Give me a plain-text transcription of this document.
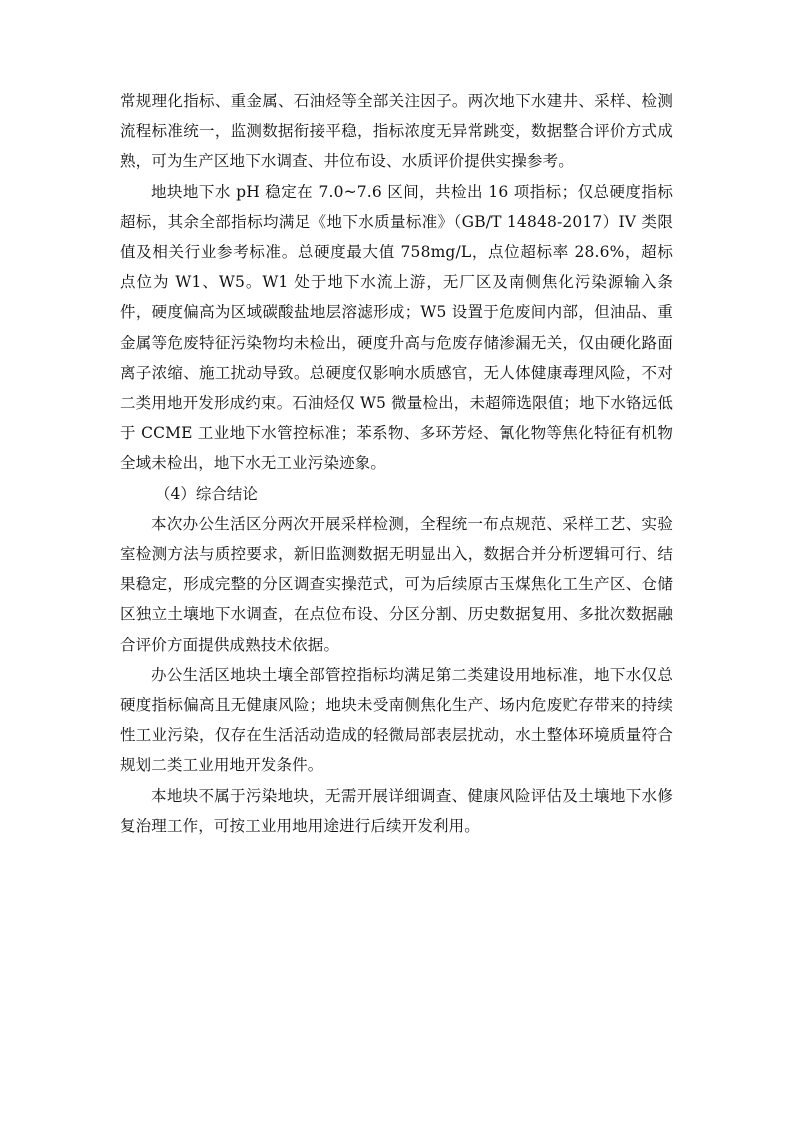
常规理化指标、重金属、石油烃等全部关注因子。两次地下水建井、采样、检测流程标准统一，监测数据衔接平稳，指标浓度无异常跳变，数据整合评价方式成熟，可为生产区地下水调查、井位布设、水质评价提供实操参考。

地块地下水 pH 稳定在 7.0~7.6 区间，共检出 16 项指标；仅总硬度指标超标，其余全部指标均满足《地下水质量标准》（GB/T 14848-2017）IV 类限值及相关行业参考标准。总硬度最大值 758mg/L，点位超标率 28.6%，超标点位为 W1、W5。W1 处于地下水流上游，无厂区及南侧焦化污染源输入条件，硬度偏高为区域碳酸盐地层溶滤形成；W5 设置于危废间内部，但油品、重金属等危废特征污染物均未检出，硬度升高与危废存储渗漏无关，仅由硬化路面离子浓缩、施工扰动导致。总硬度仅影响水质感官，无人体健康毒理风险，不对二类用地开发形成约束。石油烃仅 W5 微量检出，未超筛选限值；地下水铬远低于 CCME 工业地下水管控标准；苯系物、多环芳烃、氰化物等焦化特征有机物全域未检出，地下水无工业污染迹象。

（4）综合结论

本次办公生活区分两次开展采样检测，全程统一布点规范、采样工艺、实验室检测方法与质控要求，新旧监测数据无明显出入，数据合并分析逻辑可行、结果稳定，形成完整的分区调查实操范式，可为后续原古玉煤焦化工生产区、仓储区独立土壤地下水调查，在点位布设、分区分割、历史数据复用、多批次数据融合评价方面提供成熟技术依据。

办公生活区地块土壤全部管控指标均满足第二类建设用地标准，地下水仅总硬度指标偏高且无健康风险；地块未受南侧焦化生产、场内危废贮存带来的持续性工业污染，仅存在生活活动造成的轻微局部表层扰动，水土整体环境质量符合规划二类工业用地开发条件。

本地块不属于污染地块，无需开展详细调查、健康风险评估及土壤地下水修复治理工作，可按工业用地用途进行后续开发利用。
